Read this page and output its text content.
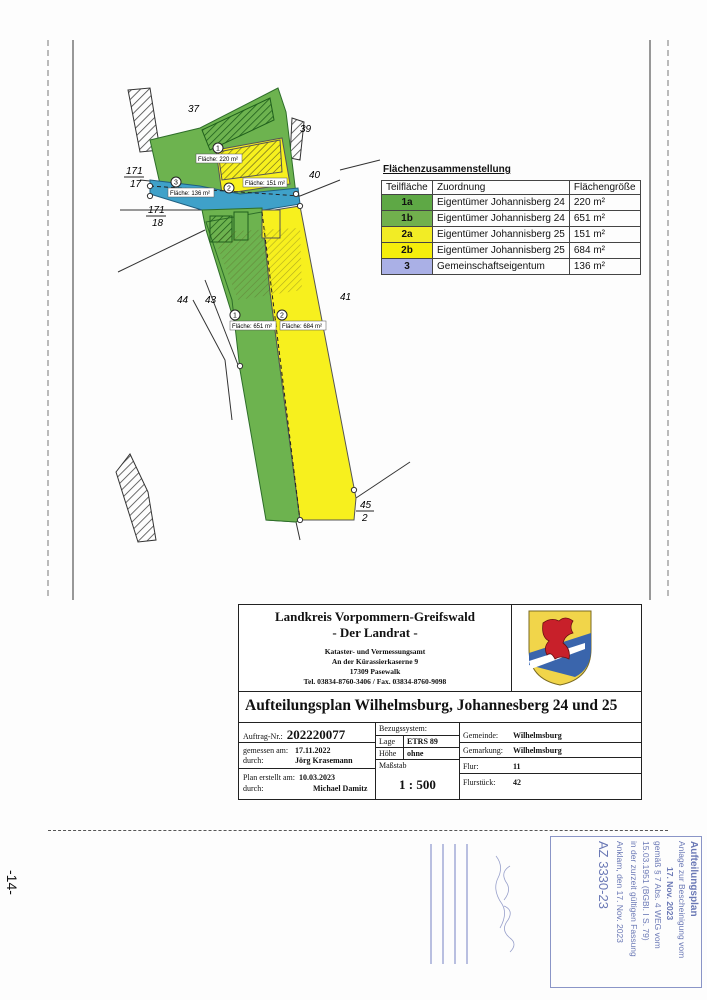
37
39
40
41
43
44
171
17
171
18
45
2
1
2
3
1	2
Fläche: 220 m²
Fläche: 151 m²
Fläche: 136 m²
Fläche: 651 m² Fläche: 684 m²
Flächenzusammenstellung
Teilfläche	Zuordnung	Flächengröße
1a	Eigentümer Johannisberg 24	220 m²
1b	Eigentümer Johannisberg 24	651 m²
2a	Eigentümer Johannisberg 25	151 m²
2b	Eigentümer Johannisberg 25	684 m²
3	Gemeinschaftseigentum	136 m²
Landkreis Vorpommern-Greifswald
- Der Landrat -
Kataster- und Vermessungsamt
An der Kürassierkaserne 9
17309 Pasewalk
Tel. 03834-8760-3406 / Fax. 03834-8760-9098
Aufteilungsplan Wilhelmsburg, Johannesberg 24 und 25
Auftrag-Nr.: 202220077
gemessen am: 17.11.2022
durch:	Jörg Krasemann
Plan erstellt am: 10.03.2023
durch:	Michael Damitz
Bezugssystem:
Lage ETRS 89
Höhe ohne
Maßstab
1 : 500
Gemeinde: Wilhelmsburg
Gemarkung: Wilhelmsburg
Flur:	11
Flurstück: 42
Aufteilungsplan
Anlage zur Bescheinigung vom
17. Nov. 2023
gemäß § 7 Abs. 4 WEG vom
15.03.1951 (BGBl. I S. 79)
in der zurzeit gültigen Fassung
Anklam, den 17. Nov. 2023
AZ 3330-23
-14-
